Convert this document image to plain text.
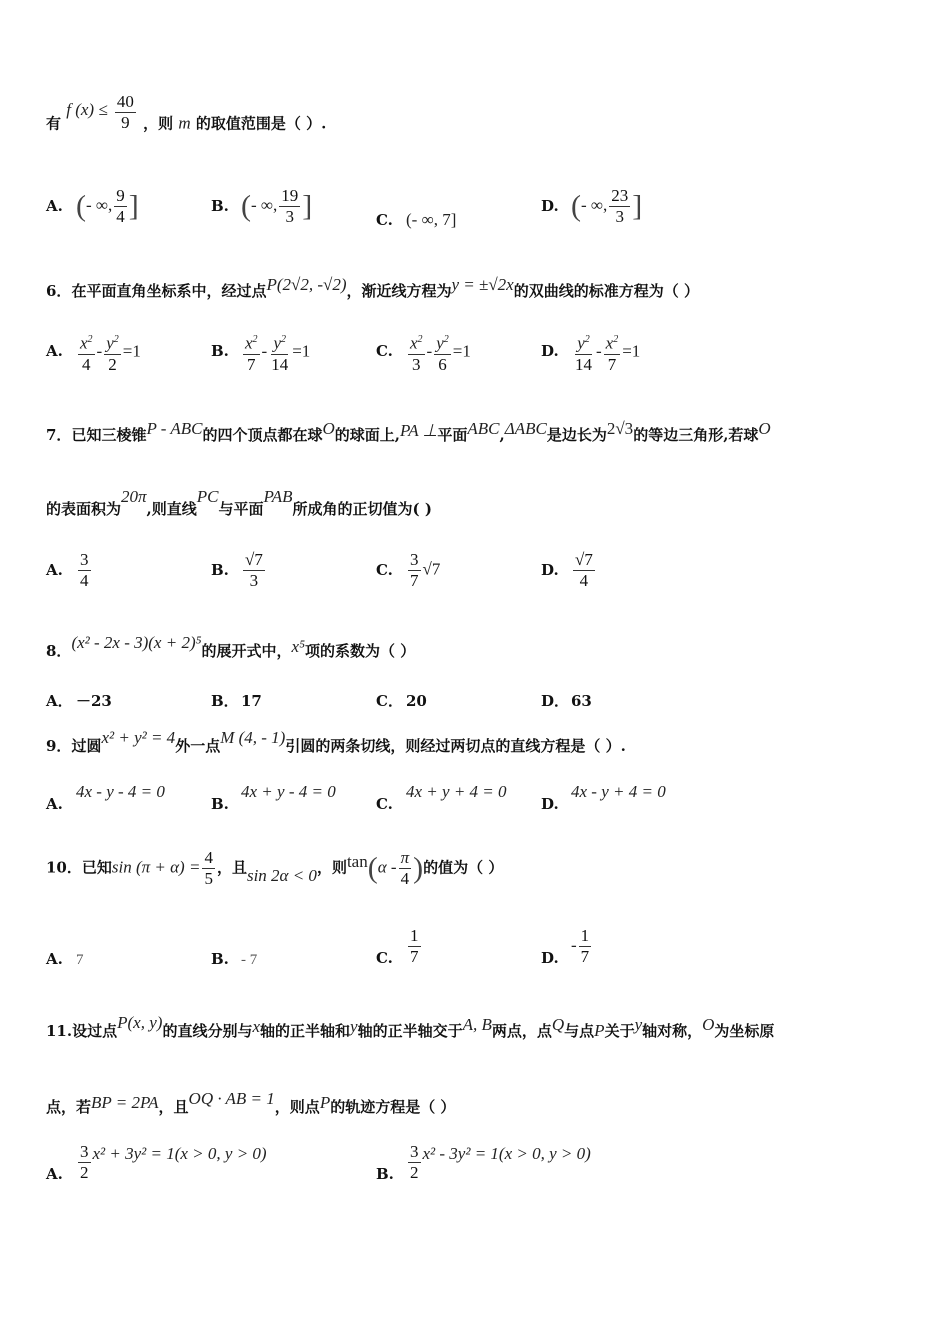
有 f $(x) \le \frac{40}{9}$ ，则 m 的取值范围是（ ）.
A. (- ∞, $\frac{9}{4}$ ]	B. (- ∞, $\frac{19}{3}$ ]	C. (- ∞, 7]
D. (- ∞, $\frac{23}{3}$ ]
6．在平面直角坐标系中，经过点P(2√2, -√2)，渐近线方程为y = ±√2x的双曲线的标准方程为（ ）
A. $\frac{x^2}{4} - \frac{y^2}{2} =1$	B. $\frac{x^2}{7} - \frac{y^2}{14} =1$	C. $\frac{x^2}{3} - \frac{y^2}{6} =1$	D. $\frac{y^2}{14} - \frac{x^2}{7} =1$
7．已知三棱锥P - ABC的四个顶点都在球O的球面上,PA ⊥平面ABC,ΔABC是边长为2√3的等边三角形,若球O
的表面积为20π,则直线PC与平面PAB所成角的正切值为( )
A. $\frac{3}{4}$	B. $\frac{√7}{3}$	C. $\frac{3}{7} √7$	D. $\frac{√7}{4}$
8．(x² - 2x - 3)(x + 2)⁵的展开式中，x⁵项的系数为（ ）
A． －23	B． 17	C． 20	D． 63
9．过圆x² + y² = 4外一点M (4, - 1)引圆的两条切线，则经过两切点的直线方程是（ ）.
A.4x - y - 4 = 0
B.4x + y - 4 = 0
C.4x + y + 4 = 0
D.4x - y + 4 = 0
10．已知$\sin (\pi + \alpha) = \frac{4}{5}$ ，且sin 2α < 0，则$\tan(\alpha - \frac{\pi}{4}$ )的值为（ ）
A. 7	B. - 7	C. $\frac{1}{7}$	$D.- \frac{1}{7}$
11.设过点P(x, y)的直线分别与x轴的正半轴和y轴的正半轴交于A, B两点，点Q与点P关于y轴对称，O为坐标原
点，若BP = 2PA，且OQ · AB = 1，则点P的轨迹方程是（ ）
A. $\frac{3}{2} x^2 + 3y^2 = 1(x > 0$, y > 0)
B. $\frac{3}{2} x^2 - 3y^2 = 1(x > 0$, y > 0)
